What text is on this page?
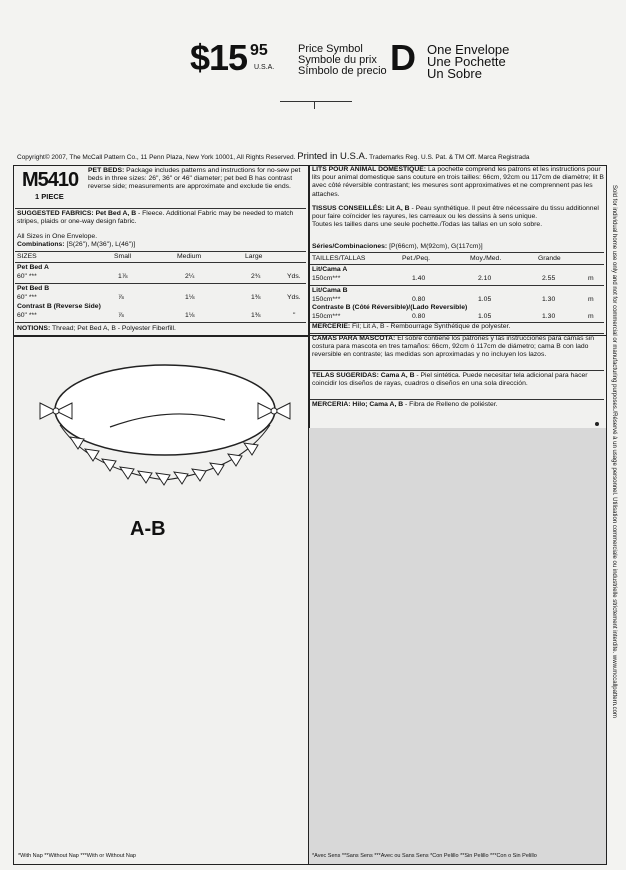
$15 95
U.S.A.
Price Symbol
Symbole du prix
Símbolo de precio D One Envelope
Une Pochette
Un Sobre
Copyright© 2007, The McCall Pattern Co., 11 Penn Plaza, New York 10001, All Rights Reserved. Printed in U.S.A. Trademarks Reg. U.S. Pat. & TM Off. Marca Registrada
Sold for individual home use only and not for commercial or manufacturing purposes./Réservé à un usage personnel. Utilisation commerciale ou industrielle strictement interdite. www.mccallpattern.com
M5410
1 PIECE
PET BEDS: Package includes patterns and instructions for no-sew pet beds in three sizes: 26", 36" or 46" diameter; pet bed B has contrast reverse side; measurements are approximate and exclude tie ends.
SUGGESTED FABRICS: Pet Bed A, B - Fleece. Additional Fabric may be needed to match stripes, plaids or one-way design fabric.
All Sizes in One Envelope.
Combinations: [S(26"), M(36"), L(46")]
SIZES	Small	Medium	Large
Pet Bed A
60" ***	1⅞	2¼	2¾	Yds.
Pet Bed B
60" ***	⅞	1⅛	1⅜	Yds.
Contrast B (Reverse Side)
60" ***	⅞	1⅛	1⅜	"
NOTIONS: Thread; Pet Bed A, B - Polyester Fiberfill.
A-B
LITS POUR ANIMAL DOMESTIQUE: La pochette comprend les patrons et les instructions pour lits pour animal domestique sans couture en trois tailles: 66cm, 92cm ou 117cm de diamètre; lit B avec côté réversible contrastant; les mesures sont approximatives et ne comprennent pas les attaches.
TISSUS CONSEILLÉS: Lit A, B - Peau synthétique. Il peut être nécessaire du tissu additionnel pour faire coïncider les rayures, les carreaux ou les dessins à sens unique.
Toutes les tailles dans une seule pochette./Todas las tallas en un solo sobre.
Séries/Combinaciones: [P(66cm), M(92cm), G(117cm)]
TAILLES/TALLAS	Pet./Peq.	Moy./Med.	Grande
Lit/Cama A
150cm***	1.40	2.10	2.55	m
Lit/Cama B
150cm***	0.80	1.05	1.30	m
Contraste B (Côté Réversible)/(Lado Reversible)
150cm***	0.80	1.05	1.30	m
MERCERIE: Fil; Lit A, B - Rembourrage Synthétique de polyester.
CAMAS PARA MASCOTA: El sobre contiene los patrones y las instrucciones para camas sin costura para mascota en tres tamaños: 66cm, 92cm ó 117cm de diámetro; cama B con lado reversible en contraste; las medidas son aproximadas y no incluyen los lazos.
TELAS SUGERIDAS: Cama A, B - Piel sintética. Puede necesitar tela adicional para hacer coincidir los diseños de rayas, cuadros o diseños en una sola dirección.
MERCERIA: Hilo; Cama A, B - Fibra de Relleno de poliéster.
*With Nap **Without Nap ***With or Without Nap	*Avec Sens **Sans Sens ***Avec ou Sans Sens *Con Pelillo **Sin Pelillo ***Con o Sin Pelillo
